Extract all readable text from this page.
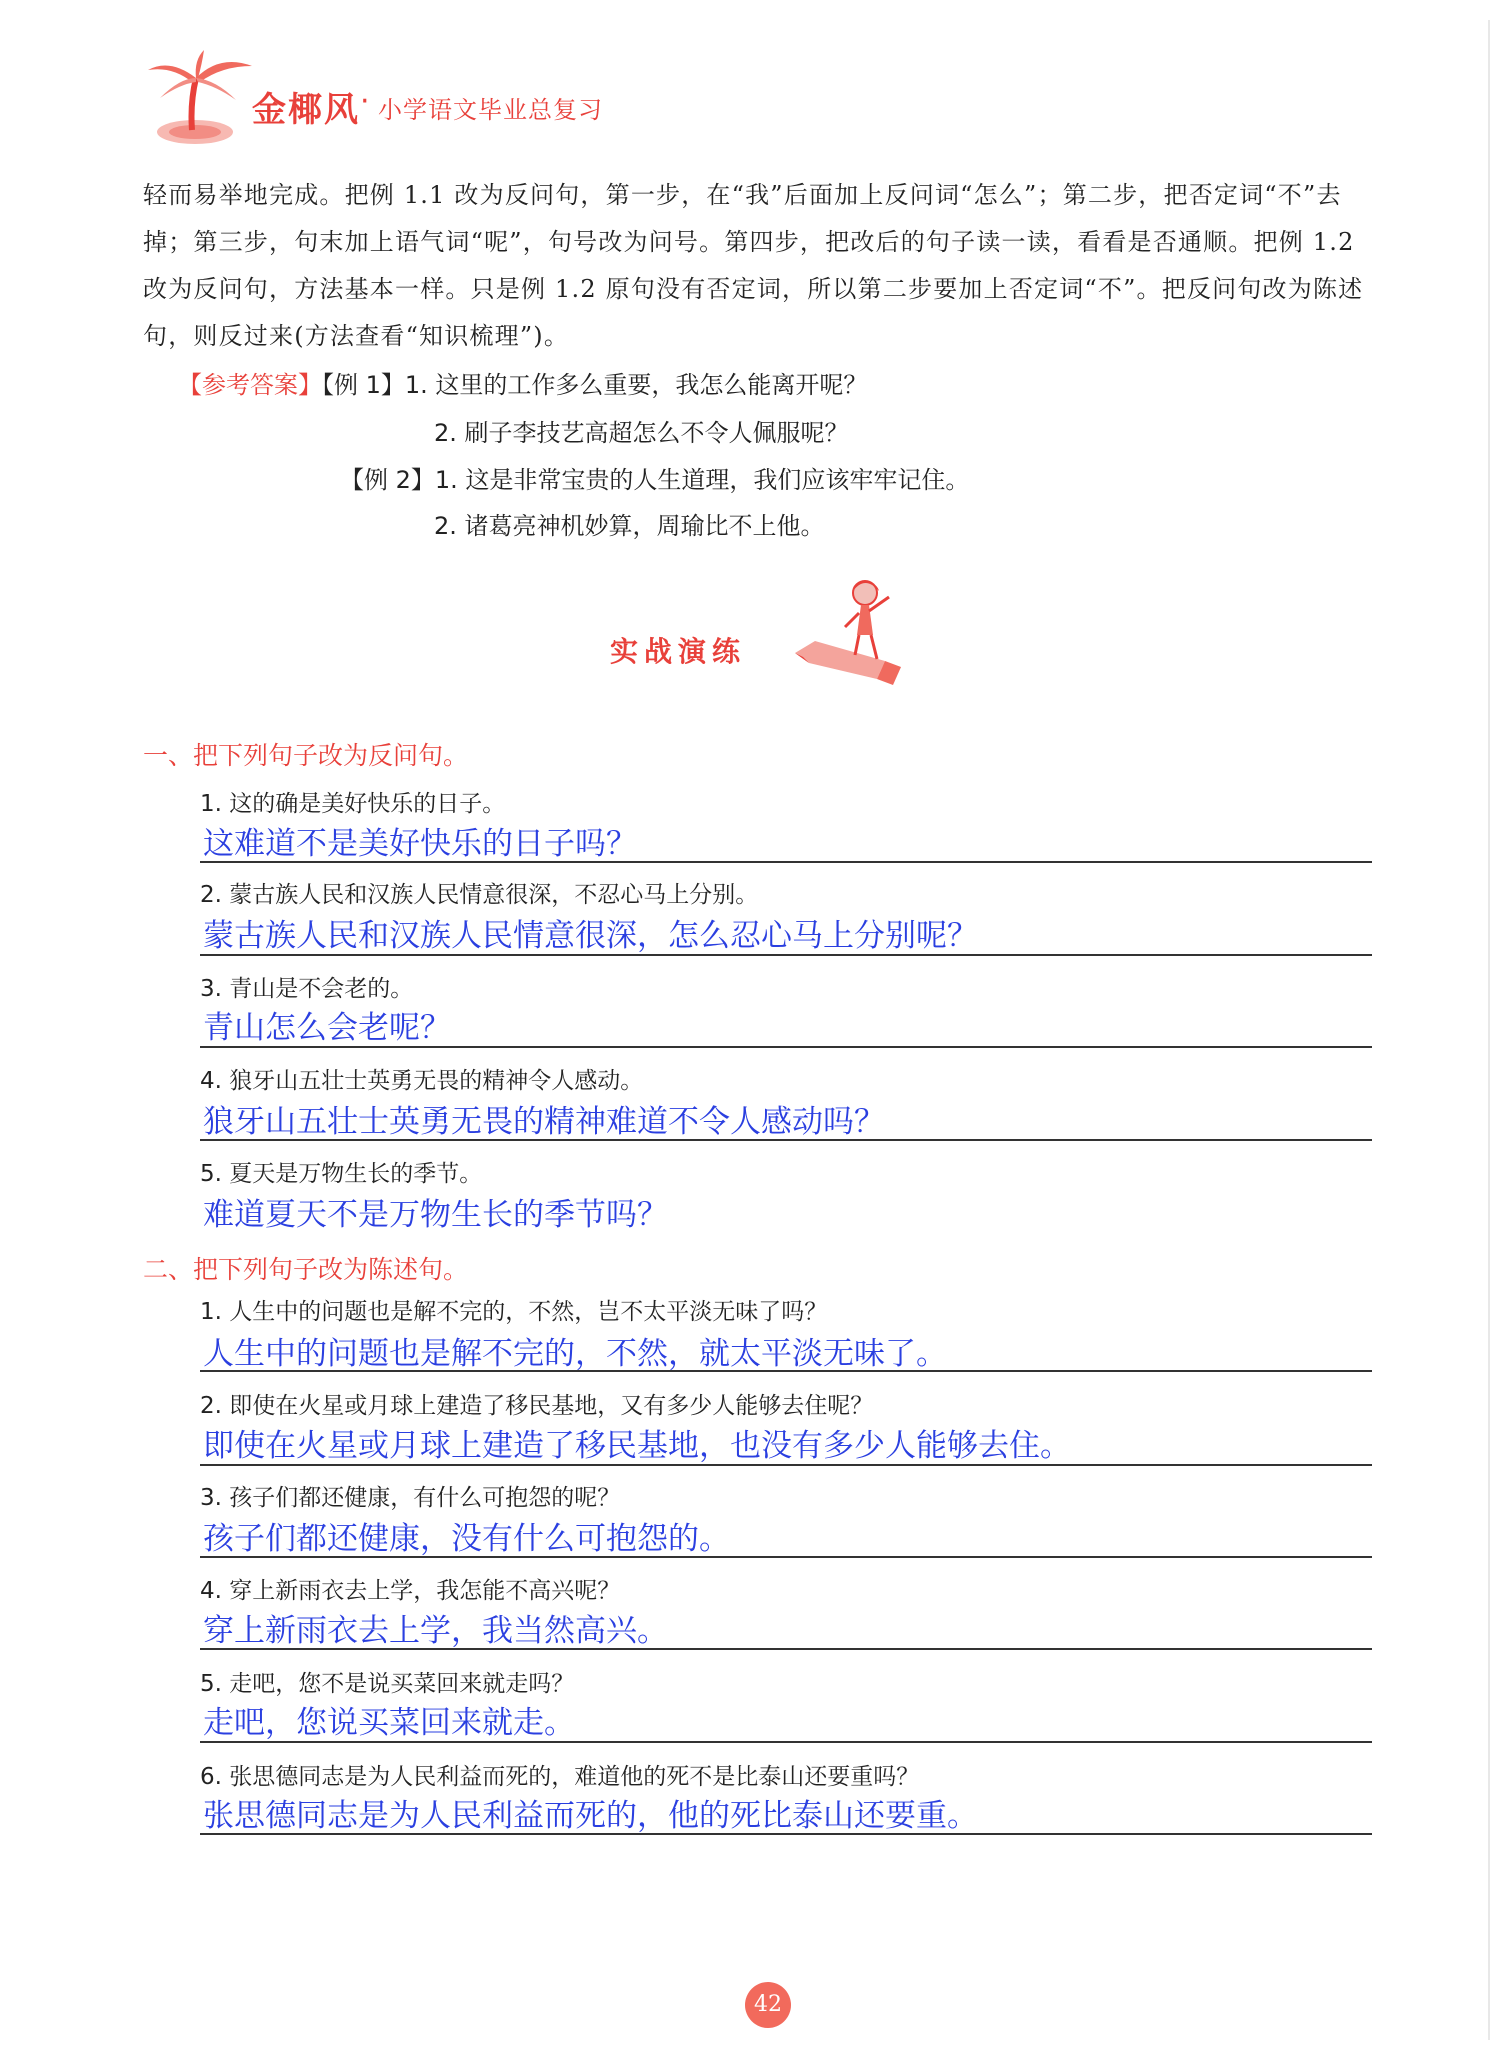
金椰风 · 小学语文毕业总复习
轻而易举地完成。把例 1.1 改为反问句，第一步，在“我”后面加上反问词“怎么”；第二步，把否定词“不”去掉；第三步，句末加上语气词“呢”，句号改为问号。第四步，把改后的句子读一读，看看是否通顺。把例 1.2 改为反问句，方法基本一样。只是例 1.2 原句没有否定词，所以第二步要加上否定词“不”。把反问句改为陈述句，则反过来(方法查看“知识梳理”)。
【参考答案】【例 1】1. 这里的工作多么重要，我怎么能离开呢？
2. 刷子李技艺高超怎么不令人佩服呢？
【例 2】1. 这是非常宝贵的人生道理，我们应该牢牢记住。
2. 诸葛亮神机妙算，周瑜比不上他。
实战演练
一、把下列句子改为反问句。
1. 这的确是美好快乐的日子。
这难道不是美好快乐的日子吗？
2. 蒙古族人民和汉族人民情意很深，不忍心马上分别。
蒙古族人民和汉族人民情意很深，怎么忍心马上分别呢？
3. 青山是不会老的。
青山怎么会老呢？
4. 狼牙山五壮士英勇无畏的精神令人感动。
狼牙山五壮士英勇无畏的精神难道不令人感动吗？
5. 夏天是万物生长的季节。
难道夏天不是万物生长的季节吗？
二、把下列句子改为陈述句。
1. 人生中的问题也是解不完的，不然，岂不太平淡无味了吗？
人生中的问题也是解不完的，不然，就太平淡无味了。
2. 即使在火星或月球上建造了移民基地，又有多少人能够去住呢？
即使在火星或月球上建造了移民基地，也没有多少人能够去住。
3. 孩子们都还健康，有什么可抱怨的呢？
孩子们都还健康，没有什么可抱怨的。
4. 穿上新雨衣去上学，我怎能不高兴呢？
穿上新雨衣去上学，我当然高兴。
5. 走吧，您不是说买菜回来就走吗？
走吧，您说买菜回来就走。
6. 张思德同志是为人民利益而死的，难道他的死不是比泰山还要重吗？
张思德同志是为人民利益而死的，他的死比泰山还要重。
42
